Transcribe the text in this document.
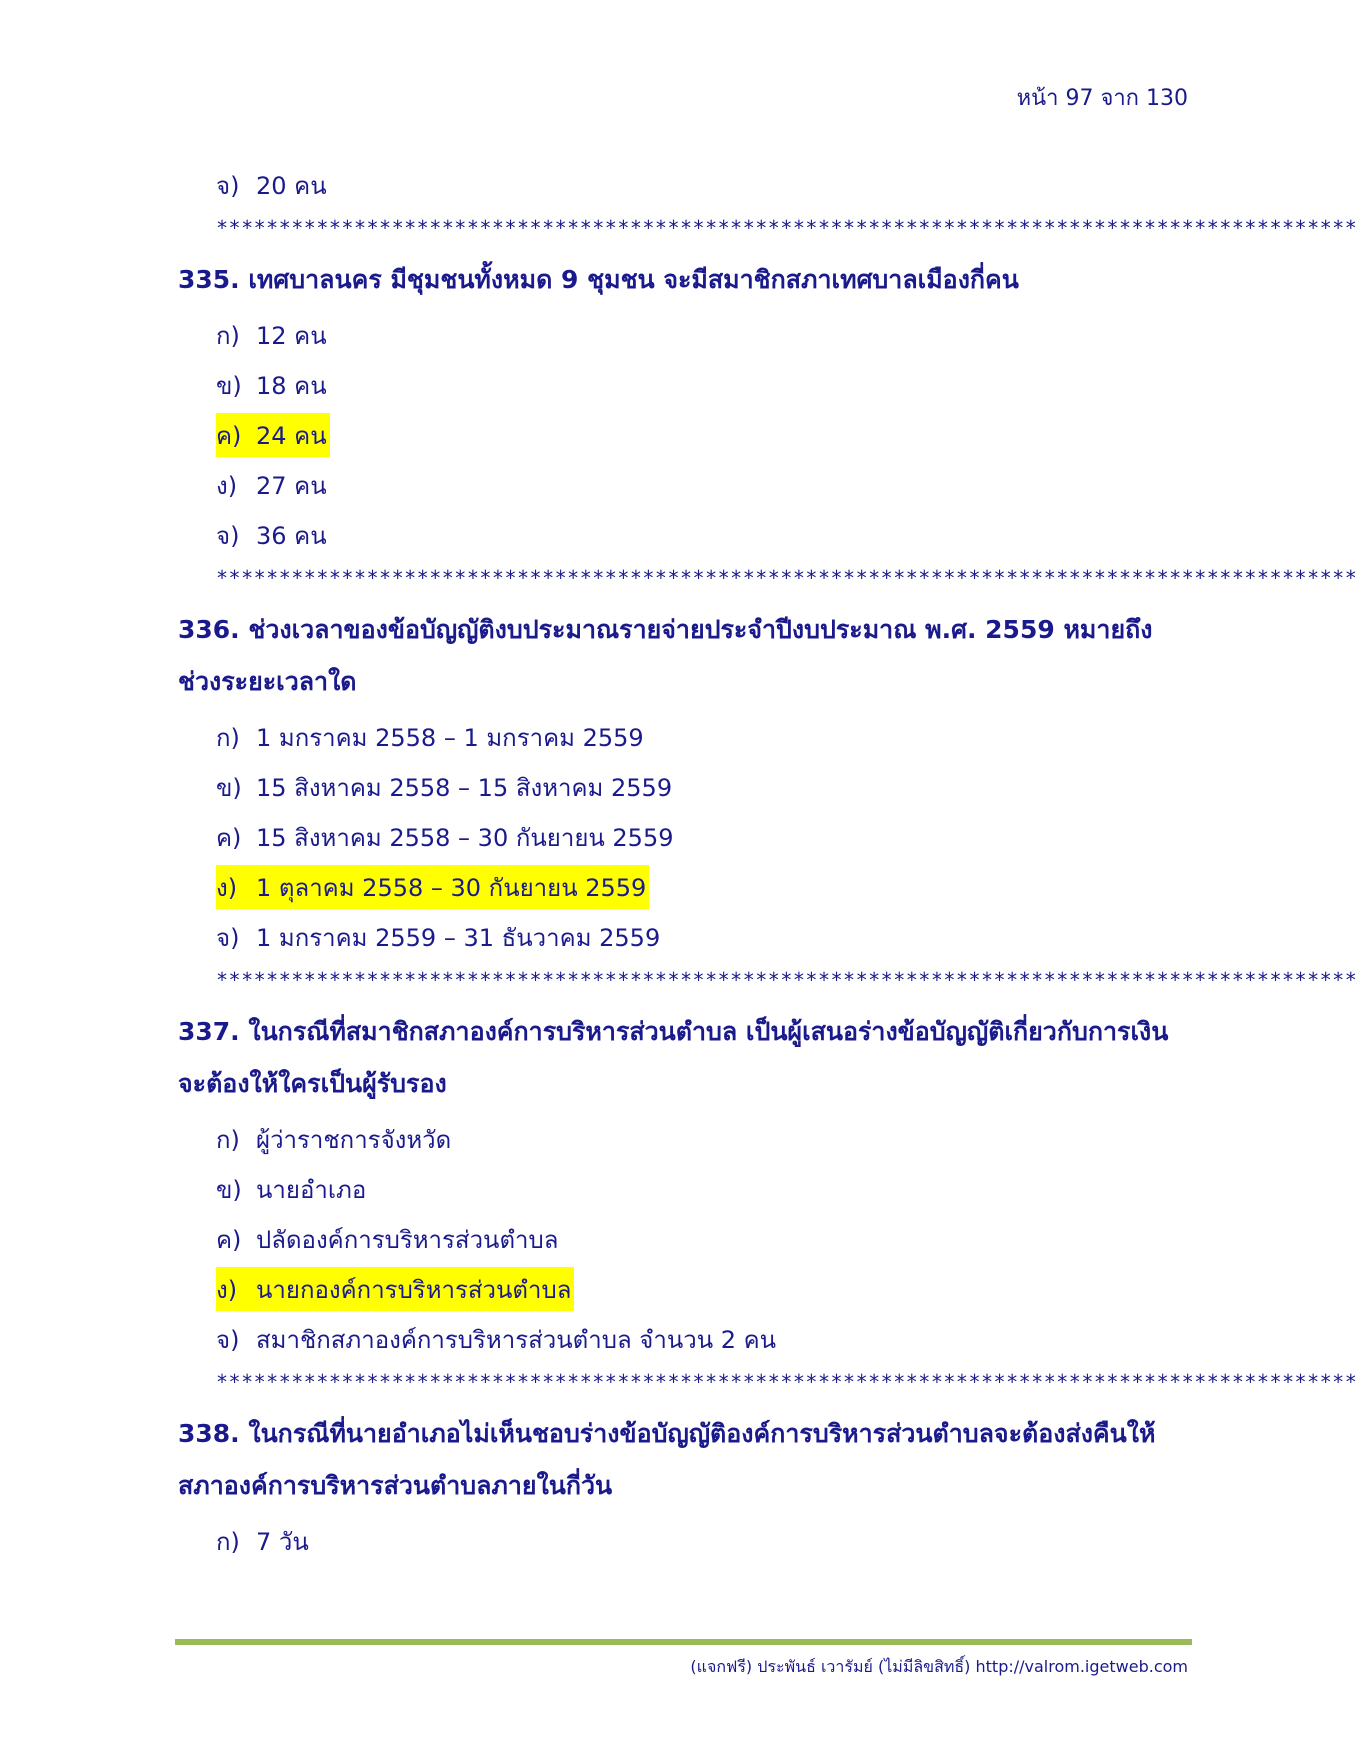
หน้า 97 จาก 130
จ) 20 คน
*******************************************************************************************
335. เทศบาลนคร มีชุมชนทั้งหมด 9 ชุมชน จะมีสมาชิกสภาเทศบาลเมืองกี่คน
ก) 12 คน
ข) 18 คน
ค) 24 คน
ง) 27 คน
จ) 36 คน
*******************************************************************************************
336. ช่วงเวลาของข้อบัญญัติงบประมาณรายจ่ายประจำปีงบประมาณ พ.ศ. 2559 หมายถึงช่วงระยะเวลาใด
ก) 1 มกราคม 2558 – 1 มกราคม 2559
ข) 15 สิงหาคม 2558 – 15 สิงหาคม 2559
ค) 15 สิงหาคม 2558 – 30 กันยายน 2559
ง) 1 ตุลาคม 2558 – 30 กันยายน 2559
จ) 1 มกราคม 2559 – 31 ธันวาคม 2559
*******************************************************************************************
337. ในกรณีที่สมาชิกสภาองค์การบริหารส่วนตำบล เป็นผู้เสนอร่างข้อบัญญัติเกี่ยวกับการเงินจะต้องให้ใครเป็นผู้รับรอง
ก) ผู้ว่าราชการจังหวัด
ข) นายอำเภอ
ค) ปลัดองค์การบริหารส่วนตำบล
ง) นายกองค์การบริหารส่วนตำบล
จ) สมาชิกสภาองค์การบริหารส่วนตำบล จำนวน 2 คน
*******************************************************************************************
338. ในกรณีที่นายอำเภอไม่เห็นชอบร่างข้อบัญญัติองค์การบริหารส่วนตำบลจะต้องส่งคืนให้สภาองค์การบริหารส่วนตำบลภายในกี่วัน
ก) 7 วัน
(แจกฟรี) ประพันธ์ เวารัมย์ (ไม่มีลิขสิทธิ์) http://valrom.igetweb.com
